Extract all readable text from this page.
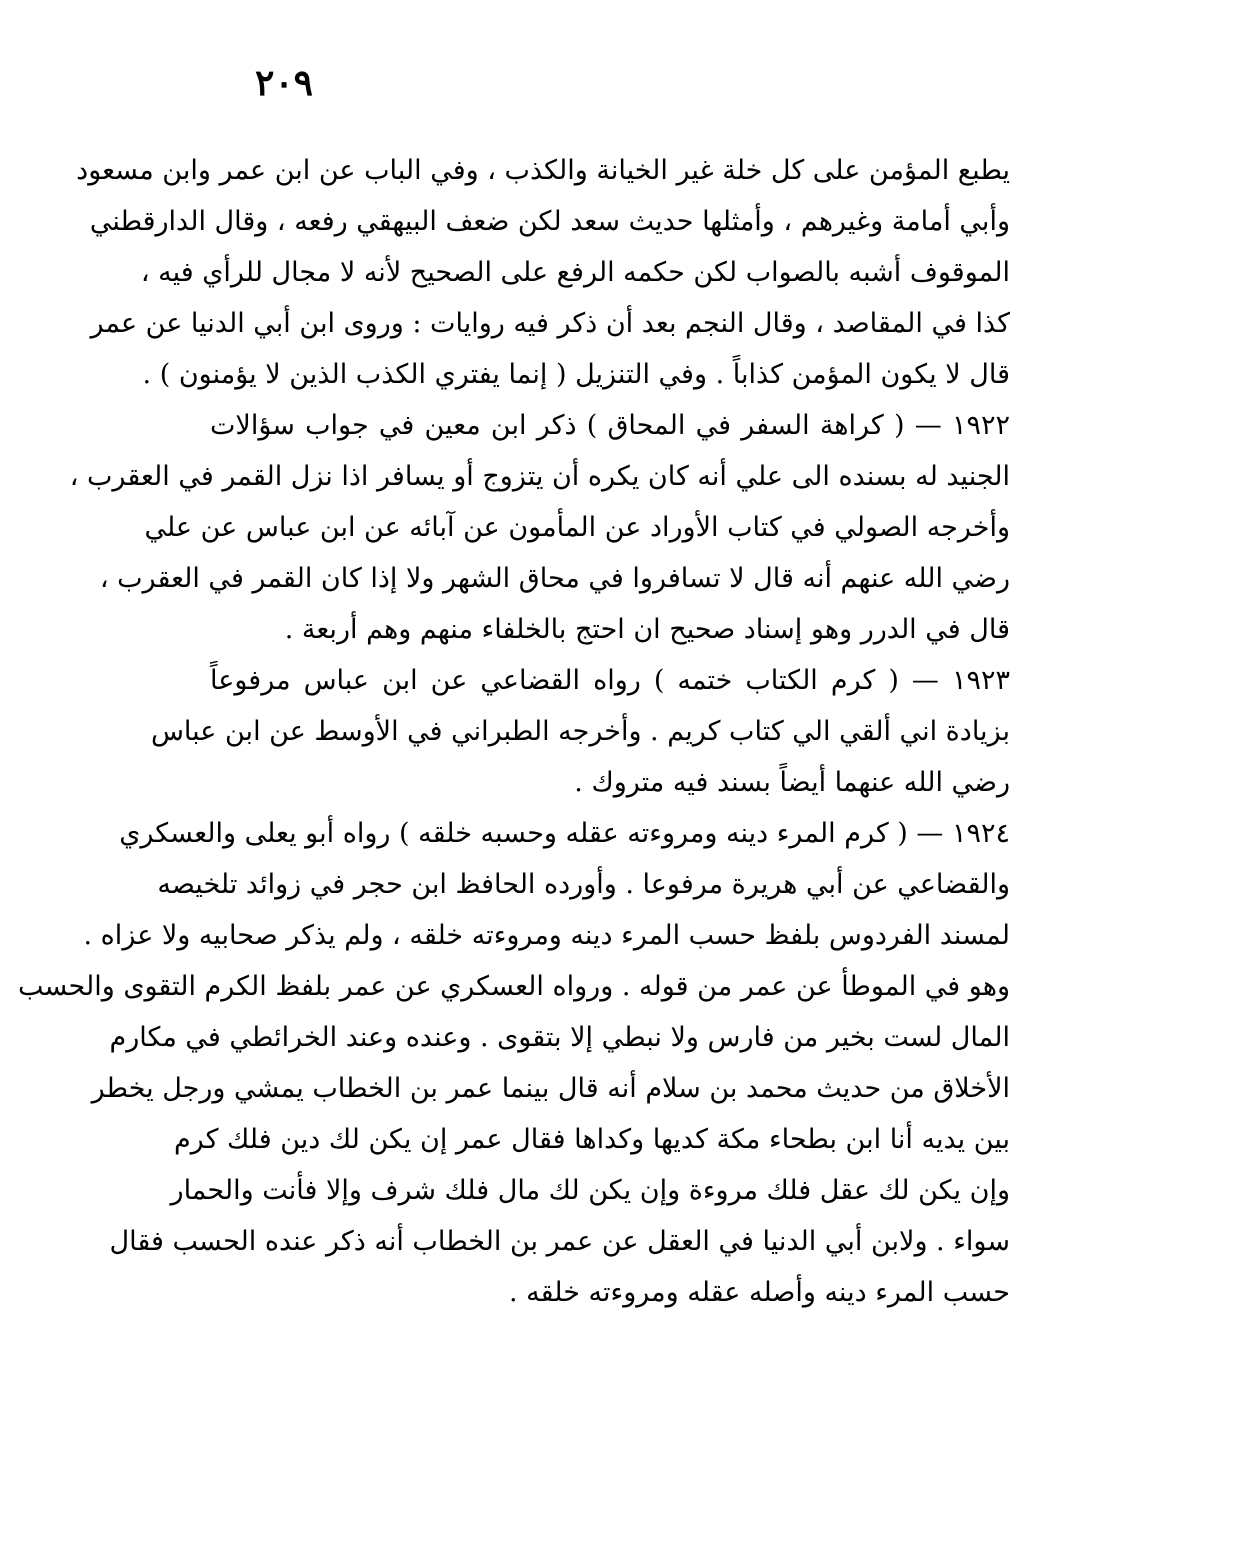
٢٠٩
يطبع المؤمن على كل خلة غير الخيانة والكذب ، وفي الباب عن ابن عمر وابن مسعود
وأبي أمامة وغيرهم ، وأمثلها حديث سعد لكن ضعف البيهقي رفعه ، وقال الدارقطني
الموقوف أشبه بالصواب لكن حكمه الرفع على الصحيح لأنه لا مجال للرأي فيه ،
كذا في المقاصد ، وقال النجم بعد أن ذكر فيه روايات : وروى ابن أبي الدنيا عن عمر
قال لا يكون المؤمن كذاباً . وفي التنزيل ( إنما يفتري الكذب الذين لا يؤمنون ) .
١٩٢٢ — ( كراهة السفر في المحاق ) ذكر ابن معين في جواب سؤالات
الجنيد له بسنده الى علي أنه كان يكره أن يتزوج أو يسافر اذا نزل القمر في العقرب ،
وأخرجه الصولي في كتاب الأوراد عن المأمون عن آبائه عن ابن عباس عن علي
رضي الله عنهم أنه قال لا تسافروا في محاق الشهر ولا إذا كان القمر في العقرب ،
قال في الدرر وهو إسناد صحيح ان احتج بالخلفاء منهم وهم أربعة .
١٩٢٣ — ( كرم الكتاب ختمه ) رواه القضاعي عن ابن عباس مرفوعاً
بزيادة اني ألقي الي كتاب كريم . وأخرجه الطبراني في الأوسط عن ابن عباس
رضي الله عنهما أيضاً بسند فيه متروك .
١٩٢٤ — ( كرم المرء دينه ومروءته عقله وحسبه خلقه ) رواه أبو يعلى والعسكري
والقضاعي عن أبي هريرة مرفوعا . وأورده الحافظ ابن حجر في زوائد تلخيصه
لمسند الفردوس بلفظ حسب المرء دينه ومروءته خلقه ، ولم يذكر صحابيه ولا عزاه .
وهو في الموطأ عن عمر من قوله . ورواه العسكري عن عمر بلفظ الكرم التقوى والحسب
المال لست بخير من فارس ولا نبطي إلا بتقوى . وعنده وعند الخرائطي في مكارم
الأخلاق من حديث محمد بن سلام أنه قال بينما عمر بن الخطاب يمشي ورجل يخطر
بين يديه أنا ابن بطحاء مكة كديها وكداها فقال عمر إن يكن لك دين فلك كرم
وإن يكن لك عقل فلك مروءة وإن يكن لك مال فلك شرف وإلا فأنت والحمار
سواء . ولابن أبي الدنيا في العقل عن عمر بن الخطاب أنه ذكر عنده الحسب فقال
حسب المرء دينه وأصله عقله ومروءته خلقه .
